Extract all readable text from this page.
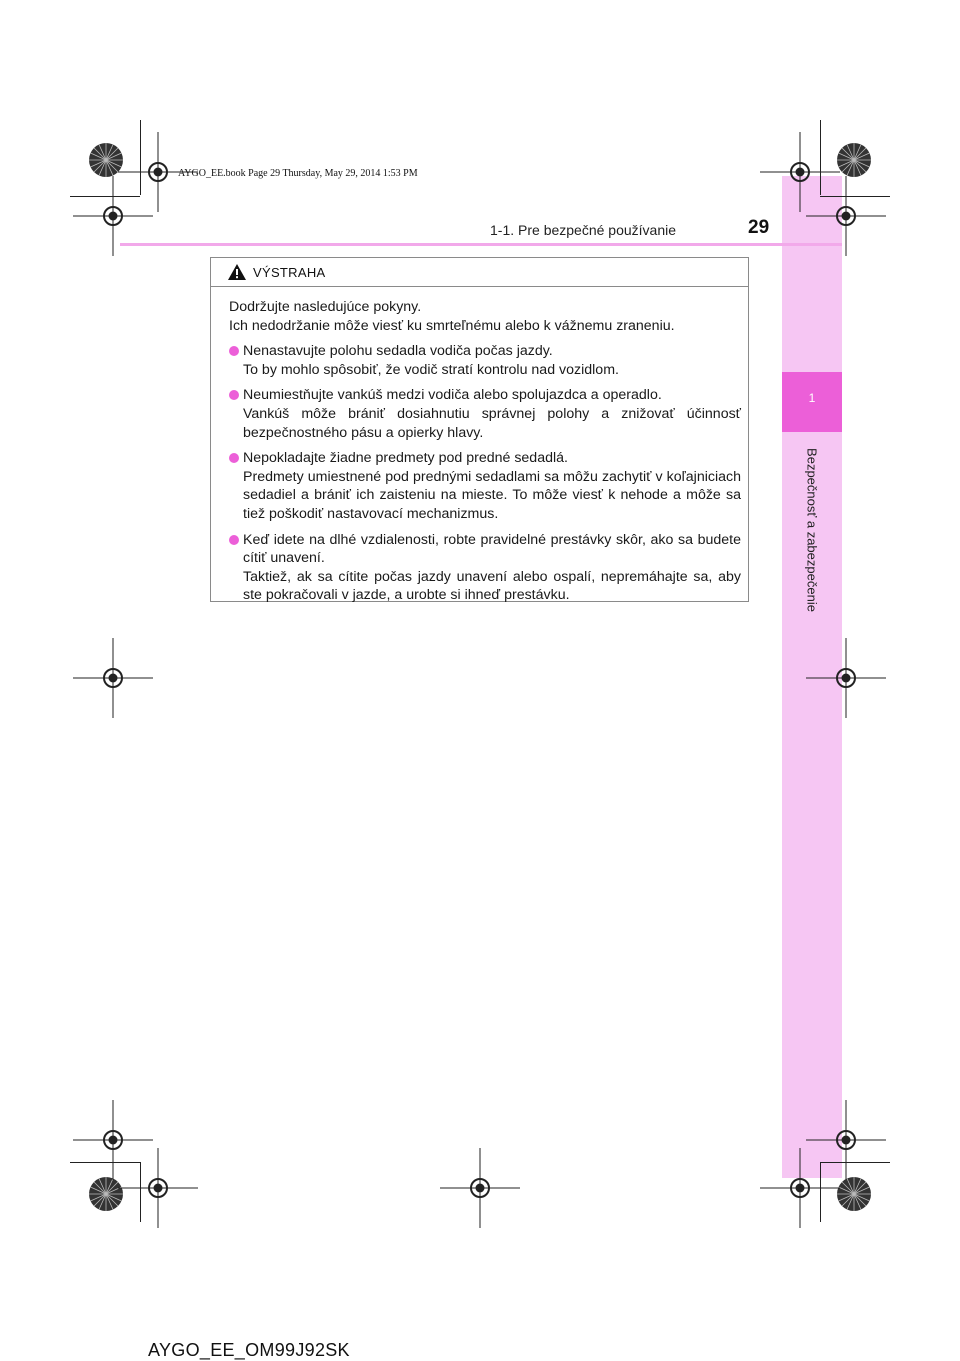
1
Bezpečnosť a zabezpečenie
1-1. Pre bezpečné používanie	29
AYGO_EE.book Page 29 Thursday, May 29, 2014 1:53 PM
VÝSTRAHA

Dodržujte nasledujúce pokyny.

Ich nedodržanie môže viesť ku smrteľnému alebo k vážnemu zraneniu.

Nenastavujte polohu sedadla vodiča počas jazdy.

To by mohlo spôsobiť, že vodič stratí kontrolu nad vozidlom.

Neumiestňujte vankúš medzi vodiča alebo spolujazdca a operadlo.

Vankúš môže brániť dosiahnutiu správnej polohy a znižovať účinnosť bezpečnostného pásu a opierky hlavy.

Nepokladajte žiadne predmety pod predné sedadlá.

Predmety umiestnené pod prednými sedadlami sa môžu zachytiť v koľajniciach sedadiel a brániť ich zaisteniu na mieste. To môže viesť k nehode a môže sa tiež poškodiť nastavovací mechanizmus.

Keď idete na dlhé vzdialenosti, robte pravidelné prestávky skôr, ako sa budete cítiť unavení.

Taktiež, ak sa cítite počas jazdy unavení alebo ospalí, nepremáhajte sa, aby ste pokračovali v jazde, a urobte si ihneď prestávku.

AYGO_EE_OM99J92SK
